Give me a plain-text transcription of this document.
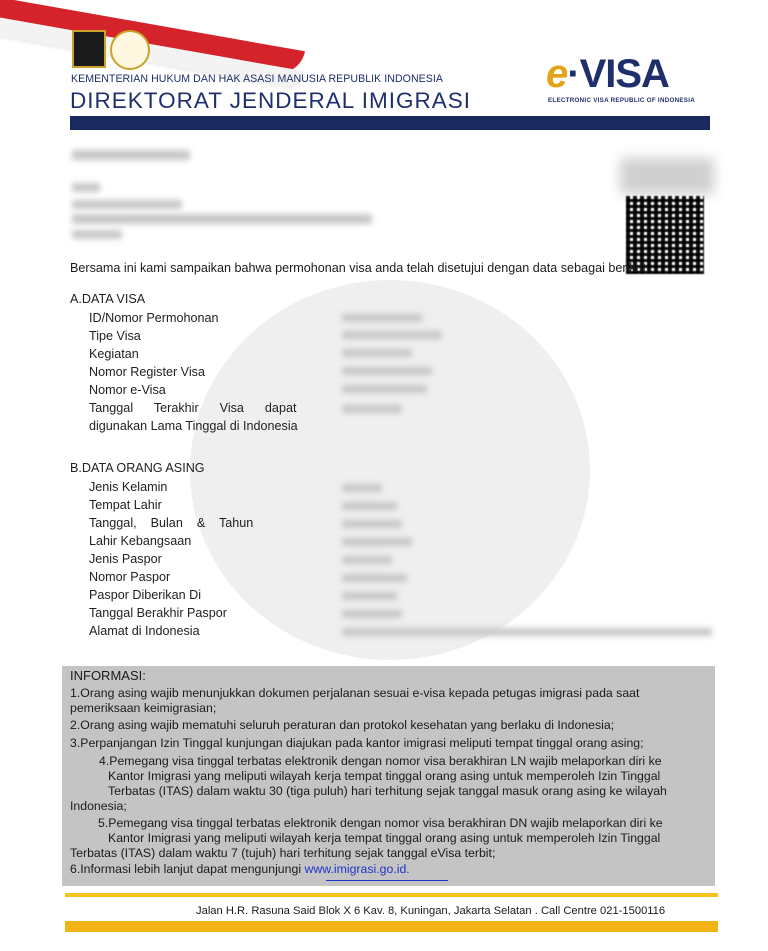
KEMENTERIAN HUKUM DAN HAK ASASI MANUSIA REPUBLIK INDONESIA
DIREKTORAT JENDERAL IMIGRASI
e·VISA
ELECTRONIC VISA REPUBLIC OF INDONESIA
Bersama ini kami sampaikan bahwa permohonan visa anda telah disetujui dengan data sebagai berikut :
A.DATA VISA
ID/Nomor Permohonan
Tipe Visa
Kegiatan
Nomor Register Visa
Nomor e-Visa
Tanggal      Terakhir      Visa      dapat
digunakan Lama Tinggal di Indonesia
B.DATA ORANG ASING
Jenis Kelamin
Tempat Lahir
Tanggal,    Bulan    &    Tahun
Lahir Kebangsaan
Jenis Paspor
Nomor Paspor
Paspor Diberikan Di
Tanggal Berakhir Paspor
Alamat di Indonesia
INFORMASI:
1.Orang asing wajib menunjukkan dokumen perjalanan sesuai e-visa kepada petugas imigrasi pada saat
pemeriksaan keimigrasian;
2.Orang asing wajib mematuhi seluruh peraturan dan protokol kesehatan yang berlaku di Indonesia;
3.Perpanjangan Izin Tinggal kunjungan diajukan pada kantor imigrasi meliputi tempat tinggal orang asing;
4.Pemegang visa tinggal terbatas elektronik dengan nomor visa berakhiran LN wajib melaporkan diri ke
Kantor Imigrasi yang meliputi wilayah kerja tempat tinggal orang asing untuk memperoleh Izin Tinggal
Terbatas (ITAS) dalam waktu 30 (tiga puluh) hari terhitung sejak tanggal masuk orang asing ke wilayah
Indonesia;
5.Pemegang visa tinggal terbatas elektronik dengan nomor visa berakhiran DN wajib melaporkan diri ke
Kantor Imigrasi yang meliputi wilayah kerja tempat tinggal orang asing untuk memperoleh Izin Tinggal
Terbatas (ITAS) dalam waktu 7 (tujuh) hari terhitung sejak tanggal eVisa terbit;
6.Informasi lebih lanjut dapat mengunjungi www.imigrasi.go.id.
Jalan H.R. Rasuna Said Blok X 6 Kav. 8, Kuningan, Jakarta Selatan . Call Centre 021-1500116
